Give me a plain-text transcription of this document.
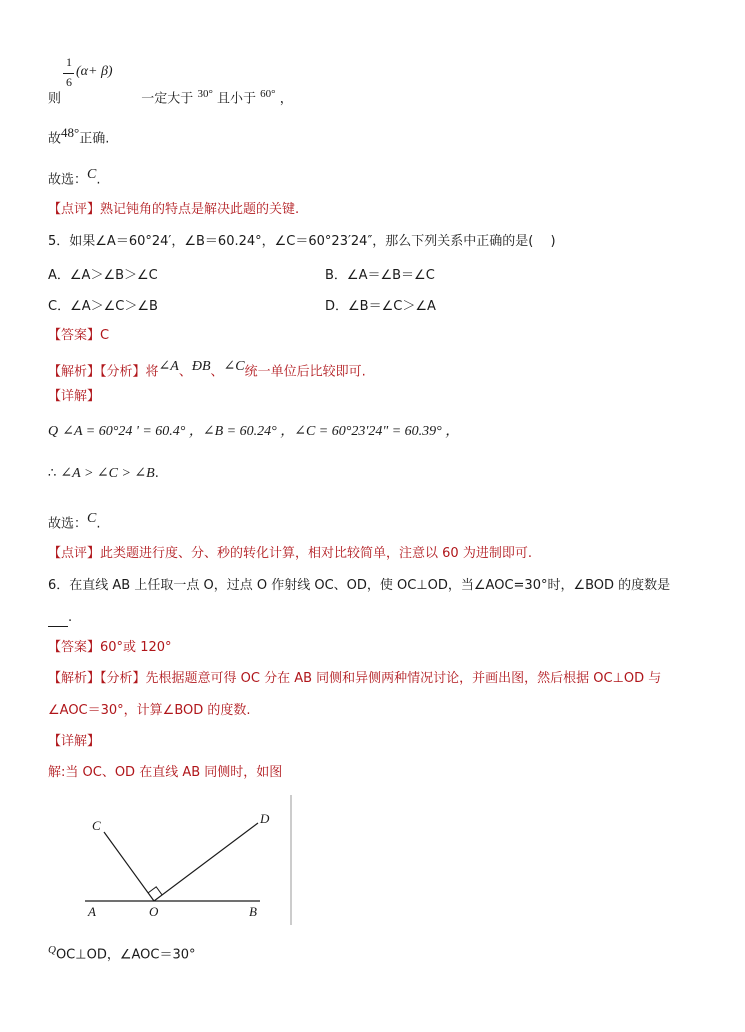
1
6
(α+ β)
则	一定大于 $^{30^\circ}$ 且小于 $^{60^\circ}$ ，
故$^{48^\circ}$正确.
故选：$^C$.
【点评】熟记钝角的特点是解决此题的关键.
5．如果∠A＝60°24′，∠B＝60.24°，∠C＝60°23′24″，那么下列关系中正确的是(　 )
A．∠A＞∠B＞∠C	B．∠A＝∠B＝∠C
C．∠A＞∠C＞∠B	D．∠B＝∠C＞∠A
【答案】C
【解析】【分析】将$^{\angle A}$、$^{ÐB}$、$^{\angle C}$统一单位后比较即可.
【详解】
Q ∠A = 60°24 ' = 60.4° ，∠B = 60.24° ，∠C = 60°23'24" = 60.39° ，
∴ ∠A > ∠C > ∠B.
故选：$^C$.
【点评】此类题进行度、分、秒的转化计算，相对比较简单，注意以 60 为进制即可.
6．在直线 AB 上任取一点 O，过点 O 作射线 OC、OD，使 OC⊥OD，当∠AOC=30°时，∠BOD 的度数是
.
【答案】60°或 120°
【解析】【分析】先根据题意可得 OC 分在 AB 同侧和异侧两种情况讨论，并画出图，然后根据 OC⊥OD 与
∠AOC＝30°，计算∠BOD 的度数.
【详解】
解:当 OC、OD 在直线 AB 同侧时，如图
C	D
A	O	B
$^Q$OC⊥OD，∠AOC＝30°
